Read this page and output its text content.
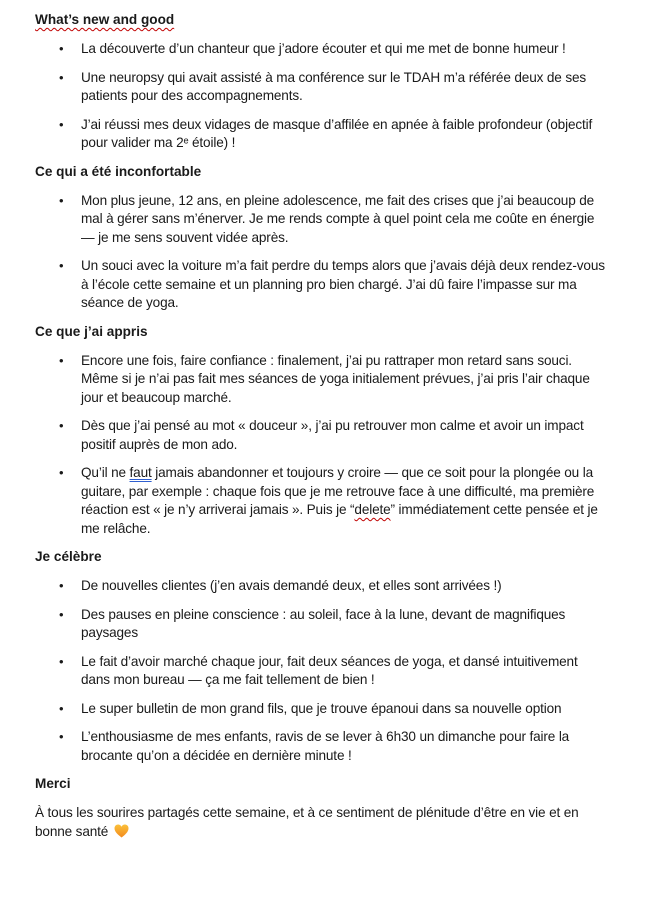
What’s new and good
• La découverte d’un chanteur que j’adore écouter et qui me met de bonne humeur !
• Une neuropsy qui avait assisté à ma conférence sur le TDAH m’a référée deux de ses patients pour des accompagnements.
• J’ai réussi mes deux vidages de masque d’affilée en apnée à faible profondeur (objectif pour valider ma 2ᵉ étoile) !
Ce qui a été inconfortable
• Mon plus jeune, 12 ans, en pleine adolescence, me fait des crises que j’ai beaucoup de mal à gérer sans m’énerver. Je me rends compte à quel point cela me coûte en énergie — je me sens souvent vidée après.
• Un souci avec la voiture m’a fait perdre du temps alors que j’avais déjà deux rendez-vous à l’école cette semaine et un planning pro bien chargé. J’ai dû faire l’impasse sur ma séance de yoga.
Ce que j’ai appris
• Encore une fois, faire confiance : finalement, j’ai pu rattraper mon retard sans souci. Même si je n’ai pas fait mes séances de yoga initialement prévues, j’ai pris l’air chaque jour et beaucoup marché.
• Dès que j’ai pensé au mot « douceur », j’ai pu retrouver mon calme et avoir un impact positif auprès de mon ado.
• Qu’il ne faut jamais abandonner et toujours y croire — que ce soit pour la plongée ou la guitare, par exemple : chaque fois que je me retrouve face à une difficulté, ma première réaction est « je n’y arriverai jamais ». Puis je “delete” immédiatement cette pensée et je me relâche.
Je célèbre
• De nouvelles clientes (j’en avais demandé deux, et elles sont arrivées !)
• Des pauses en pleine conscience : au soleil, face à la lune, devant de magnifiques paysages
• Le fait d’avoir marché chaque jour, fait deux séances de yoga, et dansé intuitivement dans mon bureau — ça me fait tellement de bien !
• Le super bulletin de mon grand fils, que je trouve épanoui dans sa nouvelle option
• L’enthousiasme de mes enfants, ravis de se lever à 6h30 un dimanche pour faire la brocante qu’on a décidée en dernière minute !
Merci

À tous les sourires partagés cette semaine, et à ce sentiment de plénitude d’être en vie et en bonne santé
